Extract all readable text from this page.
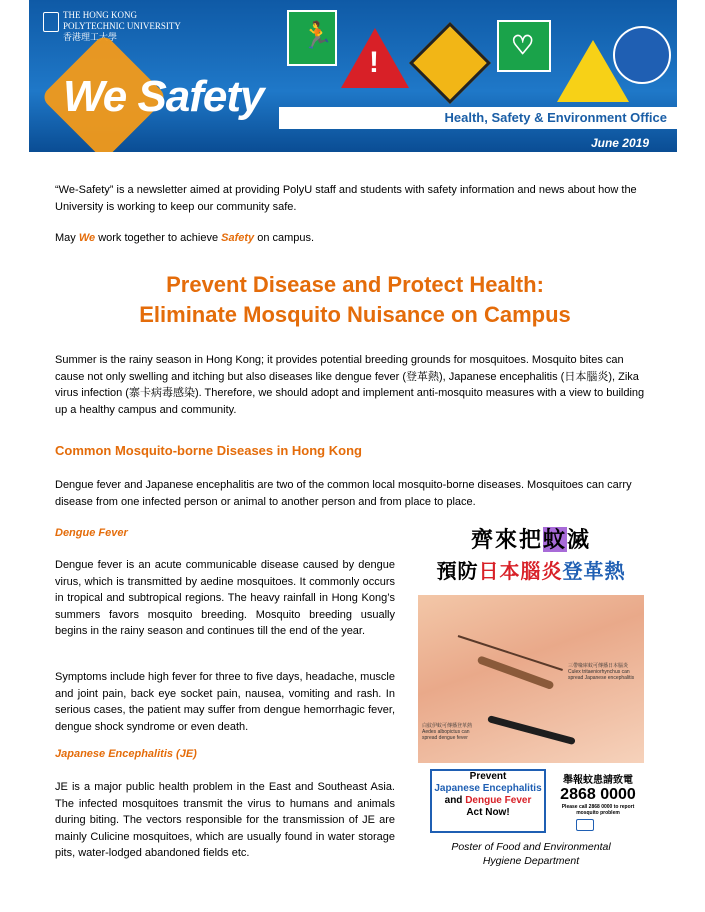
THE HONG KONG
POLYTECHNIC UNIVERSITY
香港理工大學
We Safety
🏃
!	♡
Health, Safety & Environment Office
June 2019

“We-Safety” is a newsletter aimed at providing PolyU staff and students with safety information and news about how the University is working to keep our community safe.

May We work together to achieve Safety on campus.

Prevent Disease and Protect Health:
Eliminate Mosquito Nuisance on Campus

Summer is the rainy season in Hong Kong; it provides potential breeding grounds for mosquitoes. Mosquito bites can cause not only swelling and itching but also diseases like dengue fever (登革熱), Japanese encephalitis (日本腦炎), Zika virus infection (寨卡病毒感染). Therefore, we should adopt and implement anti-mosquito measures with a view to building up a healthy campus and community.

Common Mosquito-borne Diseases in Hong Kong

Dengue fever and Japanese encephalitis are two of the common local mosquito-borne diseases. Mosquitoes can carry disease from one infected person or animal to another person and from place to place.

Dengue Fever

Dengue fever is an acute communicable disease caused by dengue virus, which is transmitted by aedine mosquitoes. It commonly occurs in tropical and subtropical regions. The heavy rainfall in Hong Kong’s summers favors mosquito breeding. Mosquito breeding usually begins in the rainy season and continues till the end of the year.

Symptoms include high fever for three to five days, headache, muscle and joint pain, back eye socket pain, nausea, vomiting and rash. In serious cases, the patient may suffer from dengue hemorrhagic fever, dengue shock syndrome or even death.

Japanese Encephalitis (JE)

JE is a major public health problem in the East and Southeast Asia. The infected mosquitoes transmit the virus to humans and animals during biting. The vectors responsible for the transmission of JE are mainly Culicine mosquitoes, which are usually found in water storage pits, water-lodged abandoned fields etc.

齊來把蚊滅
預防日本腦炎登革熱
三帶喙庫蚊可傳播日本腦炎 Culex tritaeniorhynchus can spread Japanese encephalitis
白紋伊蚊可傳播登革熱 Aedes albopictus can spread dengue fever
Prevent
Japanese Encephalitis
and Dengue Fever
Act Now!
舉報蚊患請致電
2868 0000
Please call 2868 0000 to report mosquito problem
Poster of Food and Environmental
Hygiene Department
